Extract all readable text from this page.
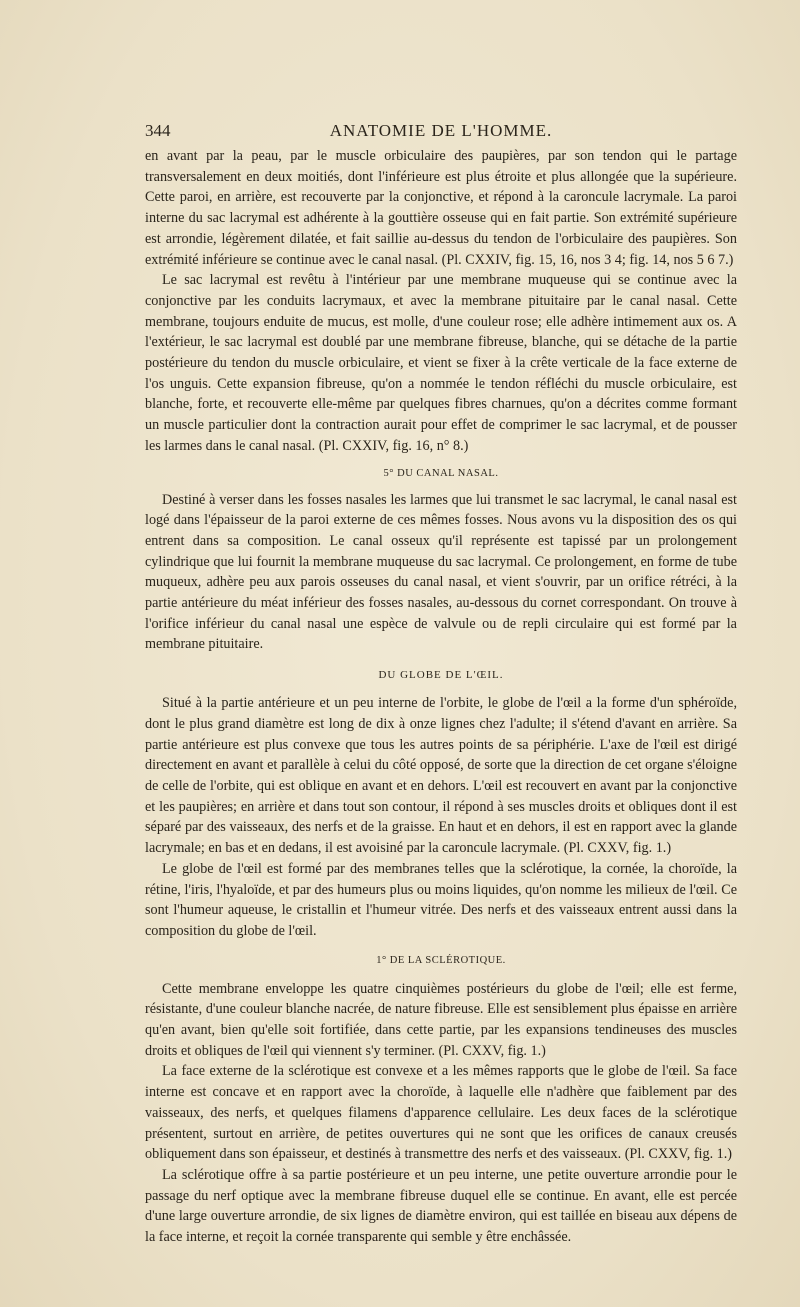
344	ANATOMIE DE L'HOMME.

en avant par la peau, par le muscle orbiculaire des paupières, par son tendon qui le partage transversalement en deux moitiés, dont l'inférieure est plus étroite et plus allongée que la supérieure. Cette paroi, en arrière, est recouverte par la conjonctive, et répond à la caroncule lacrymale. La paroi interne du sac lacrymal est adhérente à la gouttière osseuse qui en fait partie. Son extrémité supérieure est arrondie, légèrement dilatée, et fait saillie au-dessus du tendon de l'orbiculaire des paupières. Son extrémité inférieure se continue avec le canal nasal. (Pl. CXXIV, fig. 15, 16, nos 3 4; fig. 14, nos 5 6 7.)

Le sac lacrymal est revêtu à l'intérieur par une membrane muqueuse qui se continue avec la conjonctive par les conduits lacrymaux, et avec la membrane pituitaire par le canal nasal. Cette membrane, toujours enduite de mucus, est molle, d'une couleur rose; elle adhère intimement aux os. A l'extérieur, le sac lacrymal est doublé par une membrane fibreuse, blanche, qui se détache de la partie postérieure du tendon du muscle orbiculaire, et vient se fixer à la crête verticale de la face externe de l'os unguis. Cette expansion fibreuse, qu'on a nommée le tendon réfléchi du muscle orbiculaire, est blanche, forte, et recouverte elle-même par quelques fibres charnues, qu'on a décrites comme formant un muscle particulier dont la contraction aurait pour effet de comprimer le sac lacrymal, et de pousser les larmes dans le canal nasal. (Pl. CXXIV, fig. 16, n° 8.)

5° DU CANAL NASAL.

Destiné à verser dans les fosses nasales les larmes que lui transmet le sac lacrymal, le canal nasal est logé dans l'épaisseur de la paroi externe de ces mêmes fosses. Nous avons vu la disposition des os qui entrent dans sa composition. Le canal osseux qu'il représente est tapissé par un prolongement cylindrique que lui fournit la membrane muqueuse du sac lacrymal. Ce prolongement, en forme de tube muqueux, adhère peu aux parois osseuses du canal nasal, et vient s'ouvrir, par un orifice rétréci, à la partie antérieure du méat inférieur des fosses nasales, au-dessous du cornet correspondant. On trouve à l'orifice inférieur du canal nasal une espèce de valvule ou de repli circulaire qui est formé par la membrane pituitaire.

DU GLOBE DE L'ŒIL.

Situé à la partie antérieure et un peu interne de l'orbite, le globe de l'œil a la forme d'un sphéroïde, dont le plus grand diamètre est long de dix à onze lignes chez l'adulte; il s'étend d'avant en arrière. Sa partie antérieure est plus convexe que tous les autres points de sa périphérie. L'axe de l'œil est dirigé directement en avant et parallèle à celui du côté opposé, de sorte que la direction de cet organe s'éloigne de celle de l'orbite, qui est oblique en avant et en dehors. L'œil est recouvert en avant par la conjonctive et les paupières; en arrière et dans tout son contour, il répond à ses muscles droits et obliques dont il est séparé par des vaisseaux, des nerfs et de la graisse. En haut et en dehors, il est en rapport avec la glande lacrymale; en bas et en dedans, il est avoisiné par la caroncule lacrymale. (Pl. CXXV, fig. 1.)

Le globe de l'œil est formé par des membranes telles que la sclérotique, la cornée, la choroïde, la rétine, l'iris, l'hyaloïde, et par des humeurs plus ou moins liquides, qu'on nomme les milieux de l'œil. Ce sont l'humeur aqueuse, le cristallin et l'humeur vitrée. Des nerfs et des vaisseaux entrent aussi dans la composition du globe de l'œil.

1° DE LA SCLÉROTIQUE.

Cette membrane enveloppe les quatre cinquièmes postérieurs du globe de l'œil; elle est ferme, résistante, d'une couleur blanche nacrée, de nature fibreuse. Elle est sensiblement plus épaisse en arrière qu'en avant, bien qu'elle soit fortifiée, dans cette partie, par les expansions tendineuses des muscles droits et obliques de l'œil qui viennent s'y terminer. (Pl. CXXV, fig. 1.)

La face externe de la sclérotique est convexe et a les mêmes rapports que le globe de l'œil. Sa face interne est concave et en rapport avec la choroïde, à laquelle elle n'adhère que faiblement par des vaisseaux, des nerfs, et quelques filamens d'apparence cellulaire. Les deux faces de la sclérotique présentent, surtout en arrière, de petites ouvertures qui ne sont que les orifices de canaux creusés obliquement dans son épaisseur, et destinés à transmettre des nerfs et des vaisseaux. (Pl. CXXV, fig. 1.)

La sclérotique offre à sa partie postérieure et un peu interne, une petite ouverture arrondie pour le passage du nerf optique avec la membrane fibreuse duquel elle se continue. En avant, elle est percée d'une large ouverture arrondie, de six lignes de diamètre environ, qui est taillée en biseau aux dépens de la face interne, et reçoit la cornée transparente qui semble y être enchâssée.
